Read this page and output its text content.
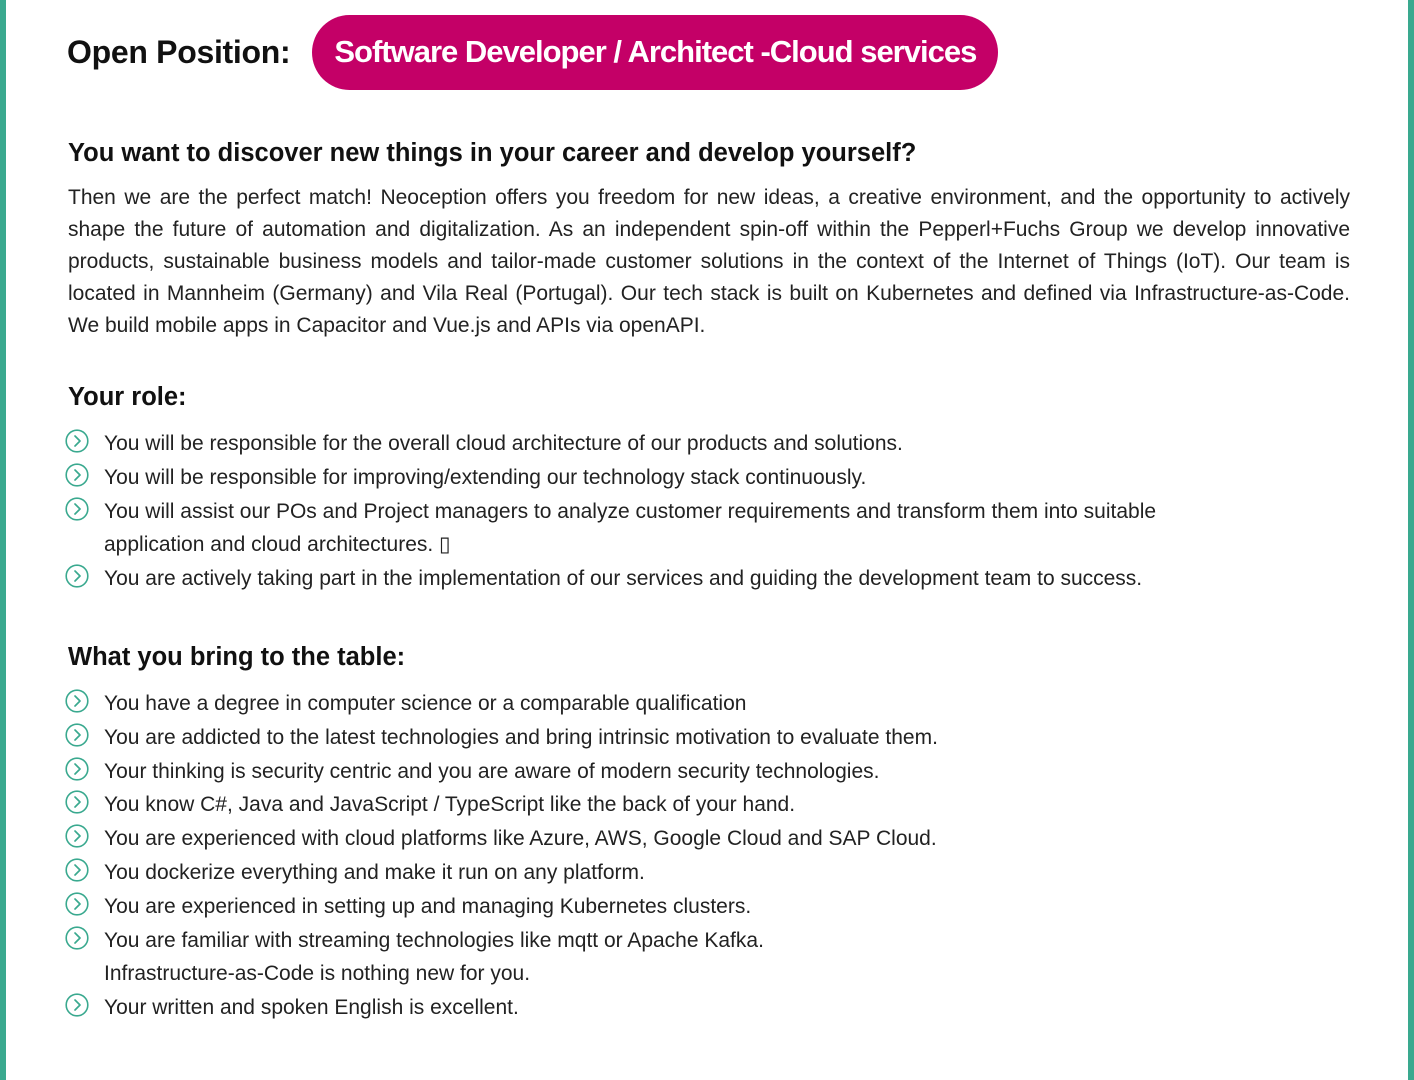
Open Position:	Software Developer / Architect -Cloud services
You want to discover new things in your career and develop yourself?

Then we are the perfect match! Neoception offers you freedom for new ideas, a creative environment, and the opportunity to actively shape the future of automation and digitalization. As an independent spin-off within the Pepperl+Fuchs Group we develop innovative products, sustainable business models and tailor-made customer solutions in the context of the Internet of Things (IoT). Our team is located in Mannheim (Germany) and Vila Real (Portugal). Our tech stack is built on Kubernetes and defined via Infrastructure-as-Code. We build mobile apps in Capacitor and Vue.js and APIs via openAPI.

Your role:
You will be responsible for the overall cloud architecture of our products and solutions.
You will be responsible for improving/extending our technology stack continuously.
You will assist our POs and Project managers to analyze customer requirements and transform them into suitable
application and cloud architectures. ▯
You are actively taking part in the implementation of our services and guiding the development team to success.
What you bring to the table:
You have a degree in computer science or a comparable qualification
You are addicted to the latest technologies and bring intrinsic motivation to evaluate them.
Your thinking is security centric and you are aware of modern security technologies.
You know C#, Java and JavaScript / TypeScript like the back of your hand.
You are experienced with cloud platforms like Azure, AWS, Google Cloud and SAP Cloud.
You dockerize everything and make it run on any platform.
You are experienced in setting up and managing Kubernetes clusters.
You are familiar with streaming technologies like mqtt or Apache Kafka.
Infrastructure-as-Code is nothing new for you.
Your written and spoken English is excellent.
